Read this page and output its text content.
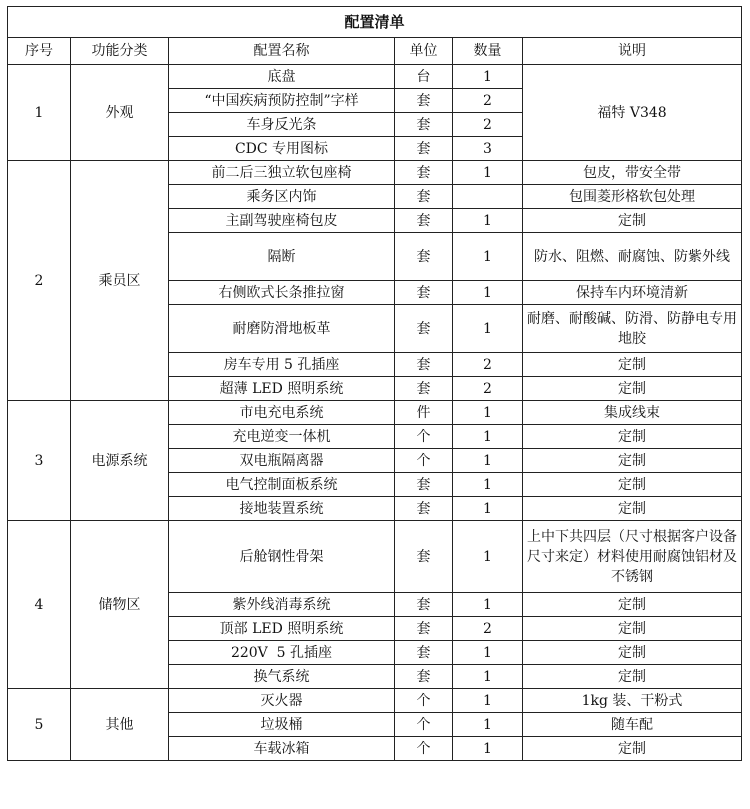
配置清单					
序号	功能分类	配置名称	单位	数量	说明
1	外观	底盘	台	1	福特 V348
		“中国疾病预防控制”字样	套	2	
		车身反光条	套	2	
		CDC 专用图标	套	3	
2	乘员区	前二后三独立软包座椅	套	1	包皮，带安全带
		乘务区内饰	套		包围菱形格软包处理
		主副驾驶座椅包皮	套	1	定制
		隔断	套	1	防水、阻燃、耐腐蚀、防紫外线
		右侧欧式长条推拉窗	套	1	保持车内环境清新
		耐磨防滑地板革	套	1	耐磨、耐酸碱、防滑、防静电专用地胶
		房车专用 5 孔插座	套	2	定制
		超薄 LED 照明系统	套	2	定制
3	电源系统	市电充电系统	件	1	集成线束
		充电逆变一体机	个	1	定制
		双电瓶隔离器	个	1	定制
		电气控制面板系统	套	1	定制
		接地装置系统	套	1	定制
4	储物区	后舱钢性骨架	套	1	上中下共四层（尺寸根据客户设备尺寸来定）材料使用耐腐蚀铝材及不锈钢
		紫外线消毒系统	套	1	定制
		顶部 LED 照明系统	套	2	定制
		220V  5 孔插座	套	1	定制
		换气系统	套	1	定制
5	其他	灭火器	个	1	1kg 装、干粉式
		垃圾桶	个	1	随车配
		车载冰箱	个	1	定制
